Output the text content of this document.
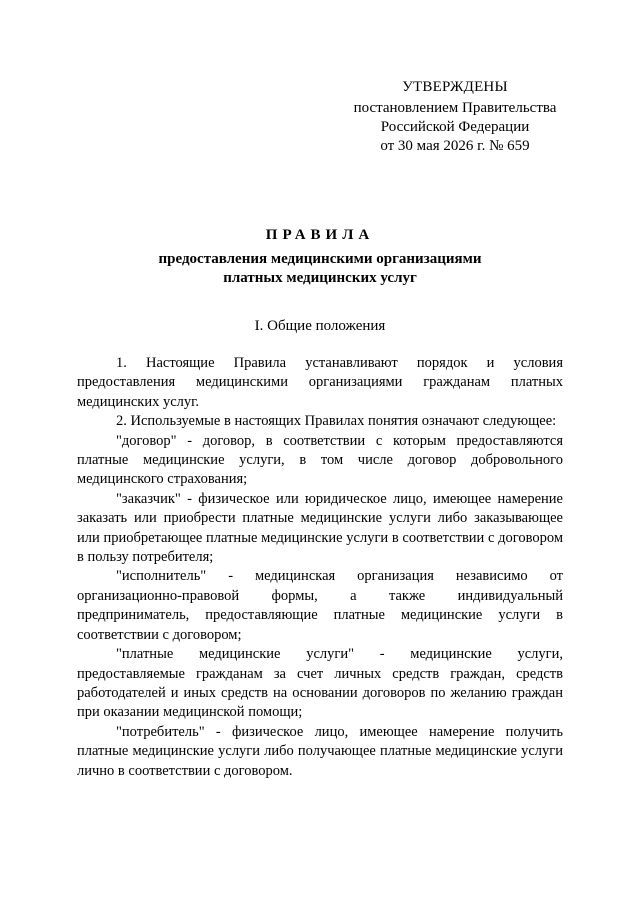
УТВЕРЖДЕНЫ
постановлением Правительства
Российской Федерации
от 30 мая 2026 г. № 659
ПРАВИЛА
предоставления медицинскими организациями
платных медицинских услуг
I. Общие положения

1. Настоящие Правила устанавливают порядок и условия предоставления медицинскими организациями гражданам платных медицинских услуг.

2. Используемые в настоящих Правилах понятия означают следующее:

"договор" - договор, в соответствии с которым предоставляются платные медицинские услуги, в том числе договор добровольного медицинского страхования;

"заказчик" - физическое или юридическое лицо, имеющее намерение заказать или приобрести платные медицинские услуги либо заказывающее или приобретающее платные медицинские услуги в соответствии с договором в пользу потребителя;

"исполнитель" - медицинская организация независимо от организационно-правовой формы, а также индивидуальный предприниматель, предоставляющие платные медицинские услуги в соответствии с договором;

"платные медицинские услуги" - медицинские услуги, предоставляемые гражданам за счет личных средств граждан, средств работодателей и иных средств на основании договоров по желанию граждан при оказании медицинской помощи;

"потребитель" - физическое лицо, имеющее намерение получить платные медицинские услуги либо получающее платные медицинские услуги лично в соответствии с договором.
